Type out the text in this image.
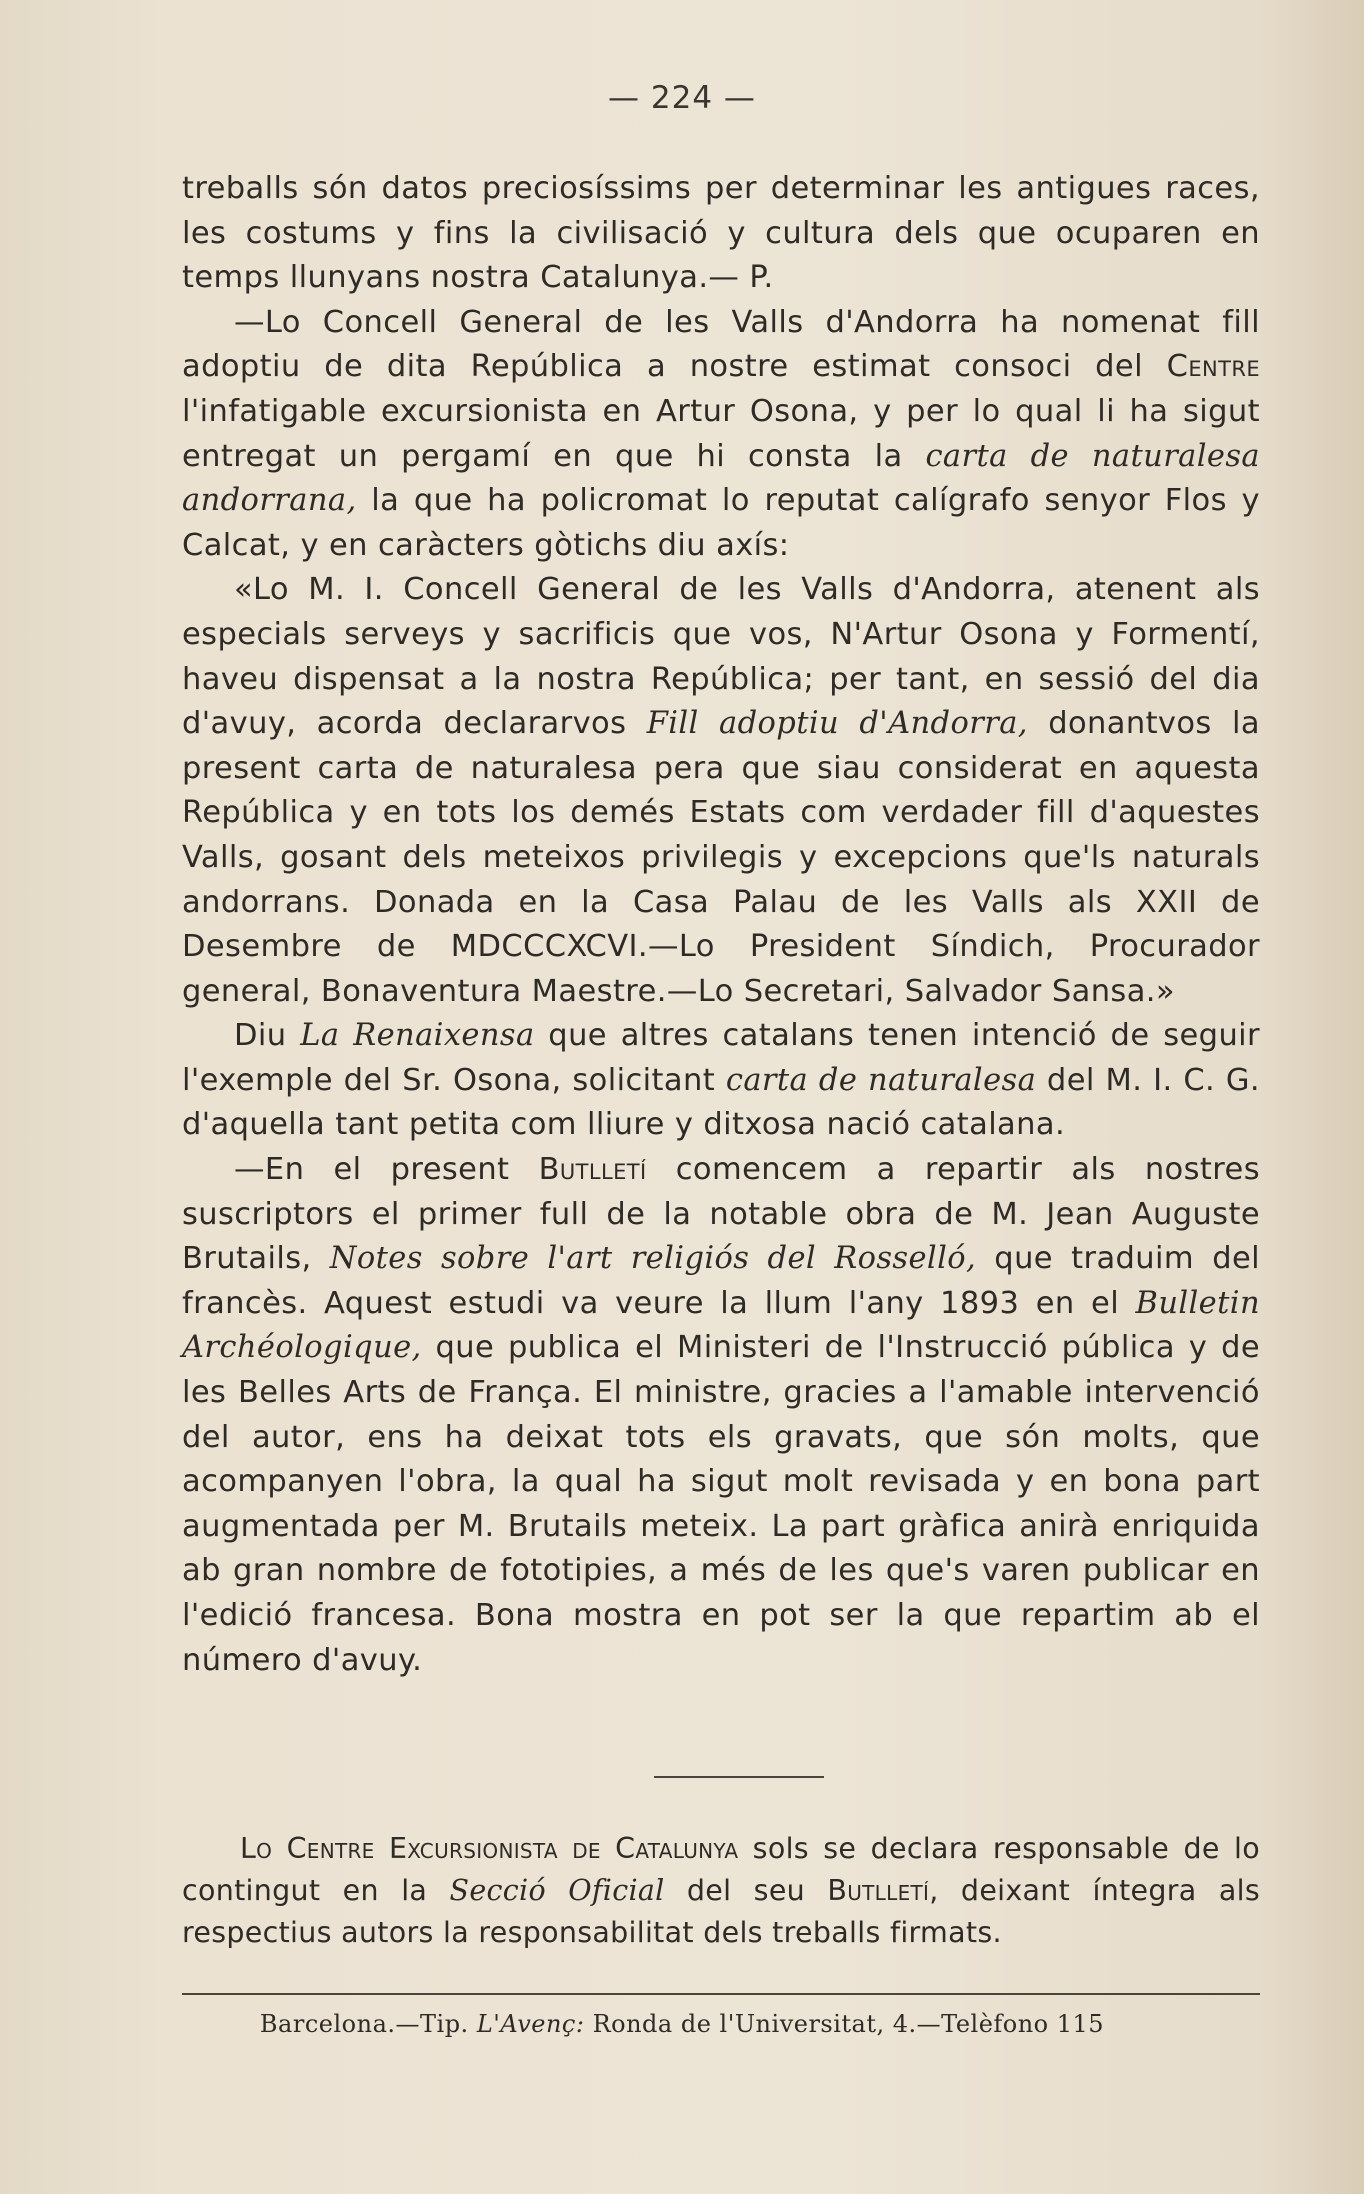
— 224 —

treballs són datos preciosíssims per determinar les antigues races, les costums y fins la civilisació y cultura dels que ocuparen en temps llunyans nostra Catalunya.— P.

—Lo Concell General de les Valls d'Andorra ha nomenat fill adoptiu de dita República a nostre estimat consoci del Centre l'infatigable excursionista en Artur Osona, y per lo qual li ha sigut entregat un pergamí en que hi consta la carta de naturalesa andorrana, la que ha policromat lo reputat calígrafo senyor Flos y Calcat, y en caràcters gòtichs diu axís:

«Lo M. I. Concell General de les Valls d'Andorra, atenent als especials serveys y sacrificis que vos, N'Artur Osona y Formentí, haveu dispensat a la nostra República; per tant, en sessió del dia d'avuy, acorda declararvos Fill adoptiu d'Andorra, donantvos la present carta de naturalesa pera que siau considerat en aquesta República y en tots los demés Estats com verdader fill d'aquestes Valls, gosant dels meteixos privilegis y excepcions que'ls naturals andorrans. Donada en la Casa Palau de les Valls als XXII de Desembre de MDCCCXCVI.—Lo President Síndich, Procurador general, Bonaventura Maestre.—Lo Secretari, Salvador Sansa.»

Diu La Renaixensa que altres catalans tenen intenció de seguir l'exemple del Sr. Osona, solicitant carta de naturalesa del M. I. C. G. d'aquella tant petita com lliure y ditxosa nació catalana.

—En el present Butlletí comencem a repartir als nostres suscriptors el primer full de la notable obra de M. Jean Auguste Brutails, Notes sobre l'art religiós del Rosselló, que traduim del francès. Aquest estudi va veure la llum l'any 1893 en el Bulletin Archéologique, que publica el Ministeri de l'Instrucció pública y de les Belles Arts de França. El ministre, gracies a l'amable intervenció del autor, ens ha deixat tots els gravats, que són molts, que acompanyen l'obra, la qual ha sigut molt revisada y en bona part augmentada per M. Brutails meteix. La part gràfica anirà enriquida ab gran nombre de fototipies, a més de les que's varen publicar en l'edició francesa. Bona mostra en pot ser la que repartim ab el número d'avuy.

Lo Centre Excursionista de Catalunya sols se declara responsable de lo contingut en la Secció Oficial del seu Butlletí, deixant íntegra als respectius autors la responsabilitat dels treballs firmats.

Barcelona.—Tip. L'Avenç: Ronda de l'Universitat, 4.—Telèfono 115
